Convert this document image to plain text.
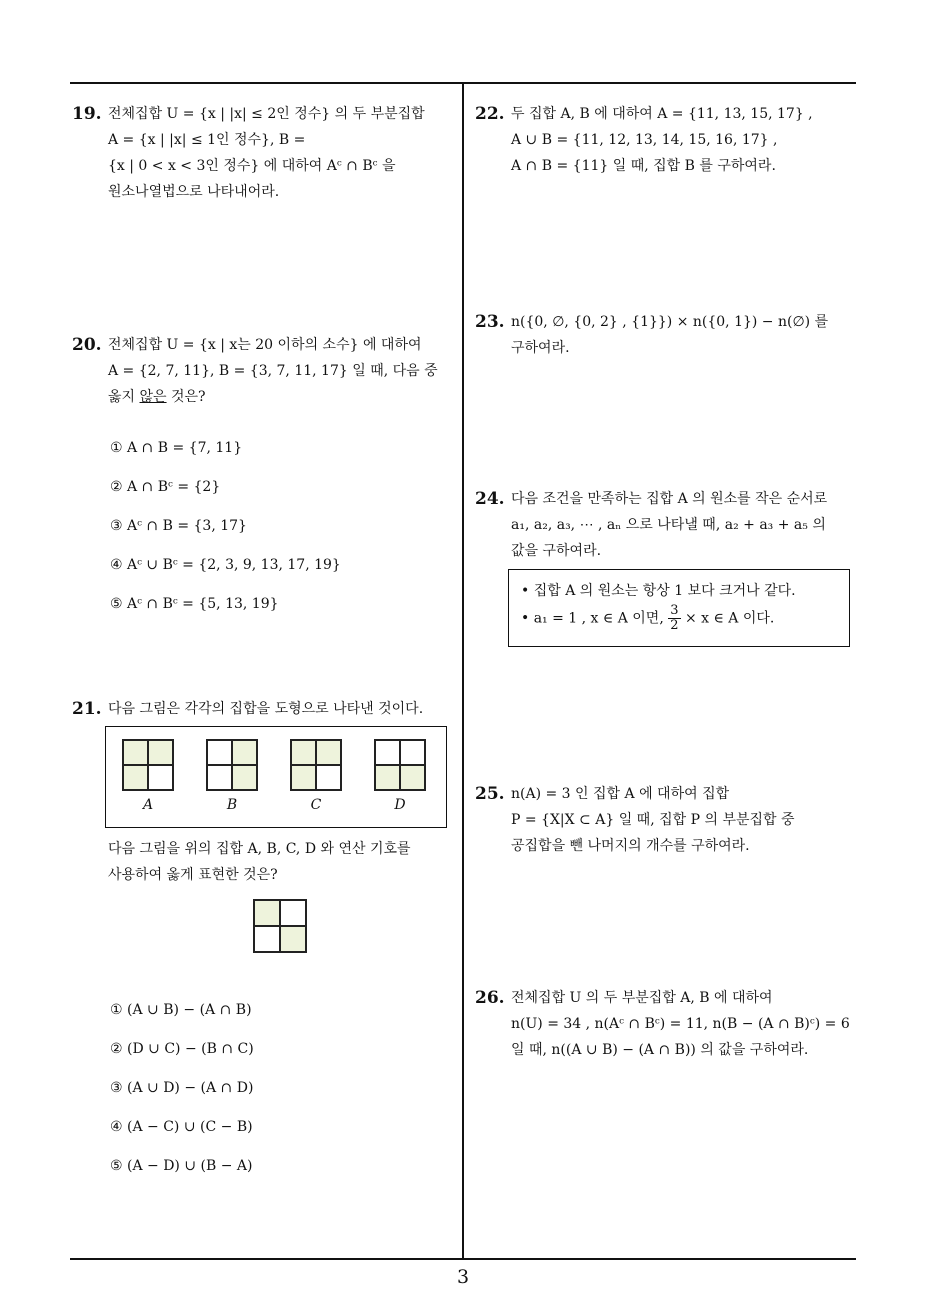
19. 전체집합 U = {x | |x| ≤ 2인 정수} 의 두 부분집합
A = {x | |x| ≤ 1인 정수}, B =
{x | 0 < x < 3인 정수} 에 대하여 Aᶜ ∩ Bᶜ 을
원소나열법으로 나타내어라.
20. 전체집합 U = {x | x는 20 이하의 소수} 에 대하여
A = {2, 7, 11}, B = {3, 7, 11, 17} 일 때, 다음 중
옳지 않은 것은?
① A ∩ B = {7, 11}
② A ∩ Bᶜ = {2}
③ Aᶜ ∩ B = {3, 17}
④ Aᶜ ∪ Bᶜ = {2, 3, 9, 13, 17, 19}
⑤ Aᶜ ∩ Bᶜ = {5, 13, 19}
21. 다음 그림은 각각의 집합을 도형으로 나타낸 것이다.
A	B	C	D
다음 그림을 위의 집합 A, B, C, D 와 연산 기호를
사용하여 옳게 표현한 것은?
① (A ∪ B) − (A ∩ B)
② (D ∪ C) − (B ∩ C)
③ (A ∪ D) − (A ∩ D)
④ (A − C) ∪ (C − B)
⑤ (A − D) ∪ (B − A)
22. 두 집합 A, B 에 대하여 A = {11, 13, 15, 17} ,
A ∪ B = {11, 12, 13, 14, 15, 16, 17} ,
A ∩ B = {11} 일 때, 집합 B 를 구하여라.
23. n({0, ∅, {0, 2} , {1}}) × n({0, 1}) − n(∅) 를
구하여라.
24. 다음 조건을 만족하는 집합 A 의 원소를 작은 순서로
a₁, a₂, a₃, ⋯ , aₙ 으로 나타낼 때, a₂ + a₃ + a₅ 의
값을 구하여라.
• 집합 A 의 원소는 항상 1 보다 크거나 같다.
• a₁ = 1 , x ∈ A 이면, $\frac{3}{2} \times x$ ∈ A 이다.
25. n(A) = 3 인 집합 A 에 대하여 집합
P = {X|X ⊂ A} 일 때, 집합 P 의 부분집합 중
공집합을 뺀 나머지의 개수를 구하여라.
26. 전체집합 U 의 두 부분집합 A, B 에 대하여
n(U) = 34 , n(Aᶜ ∩ Bᶜ) = 11, n(B − (A ∩ B)ᶜ) = 6
일 때, n((A ∪ B) − (A ∩ B)) 의 값을 구하여라.
3
